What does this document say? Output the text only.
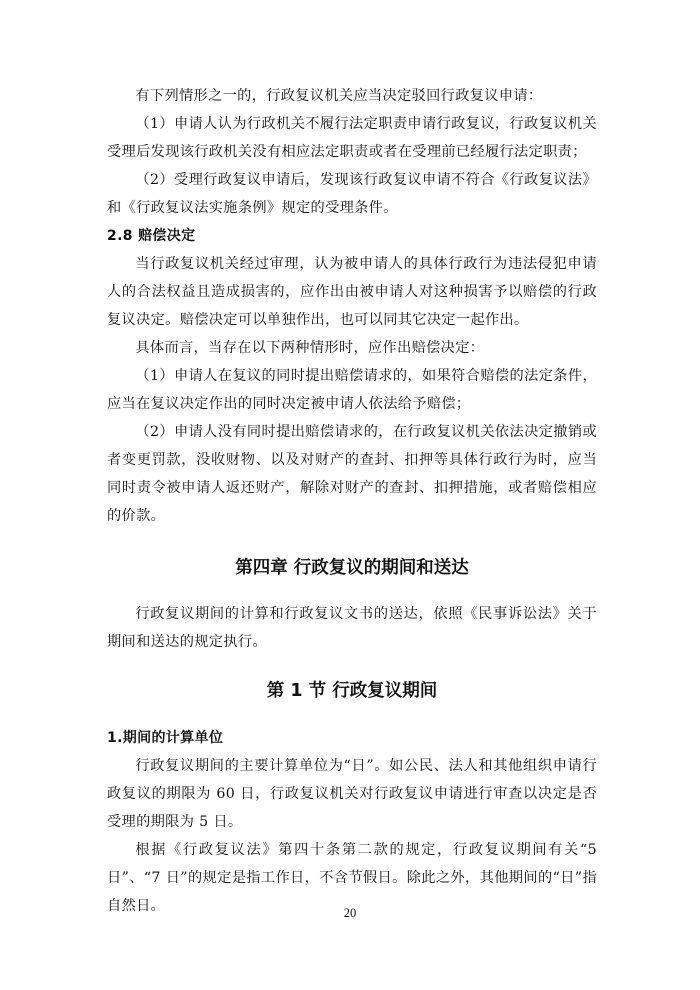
有下列情形之一的，行政复议机关应当决定驳回行政复议申请：

（1）申请人认为行政机关不履行法定职责申请行政复议，行政复议机关受理后发现该行政机关没有相应法定职责或者在受理前已经履行法定职责；

（2）受理行政复议申请后，发现该行政复议申请不符合《行政复议法》和《行政复议法实施条例》规定的受理条件。

2.8 赔偿决定

当行政复议机关经过审理，认为被申请人的具体行政行为违法侵犯申请人的合法权益且造成损害的，应作出由被申请人对这种损害予以赔偿的行政复议决定。赔偿决定可以单独作出，也可以同其它决定一起作出。

具体而言，当存在以下两种情形时，应作出赔偿决定：

（1）申请人在复议的同时提出赔偿请求的，如果符合赔偿的法定条件，应当在复议决定作出的同时决定被申请人依法给予赔偿；

（2）申请人没有同时提出赔偿请求的，在行政复议机关依法决定撤销或者变更罚款，没收财物、以及对财产的查封、扣押等具体行政行为时，应当同时责令被申请人返还财产，解除对财产的查封、扣押措施，或者赔偿相应的价款。

第四章 行政复议的期间和送达

行政复议期间的计算和行政复议文书的送达，依照《民事诉讼法》关于期间和送达的规定执行。

第 1 节 行政复议期间

1.期间的计算单位

行政复议期间的主要计算单位为“日”。如公民、法人和其他组织申请行政复议的期限为 60 日，行政复议机关对行政复议申请进行审查以决定是否受理的期限为 5 日。

根据《行政复议法》第四十条第二款的规定，行政复议期间有关“5 日”、“7 日”的规定是指工作日，不含节假日。除此之外，其他期间的“日”指自然日。	20
